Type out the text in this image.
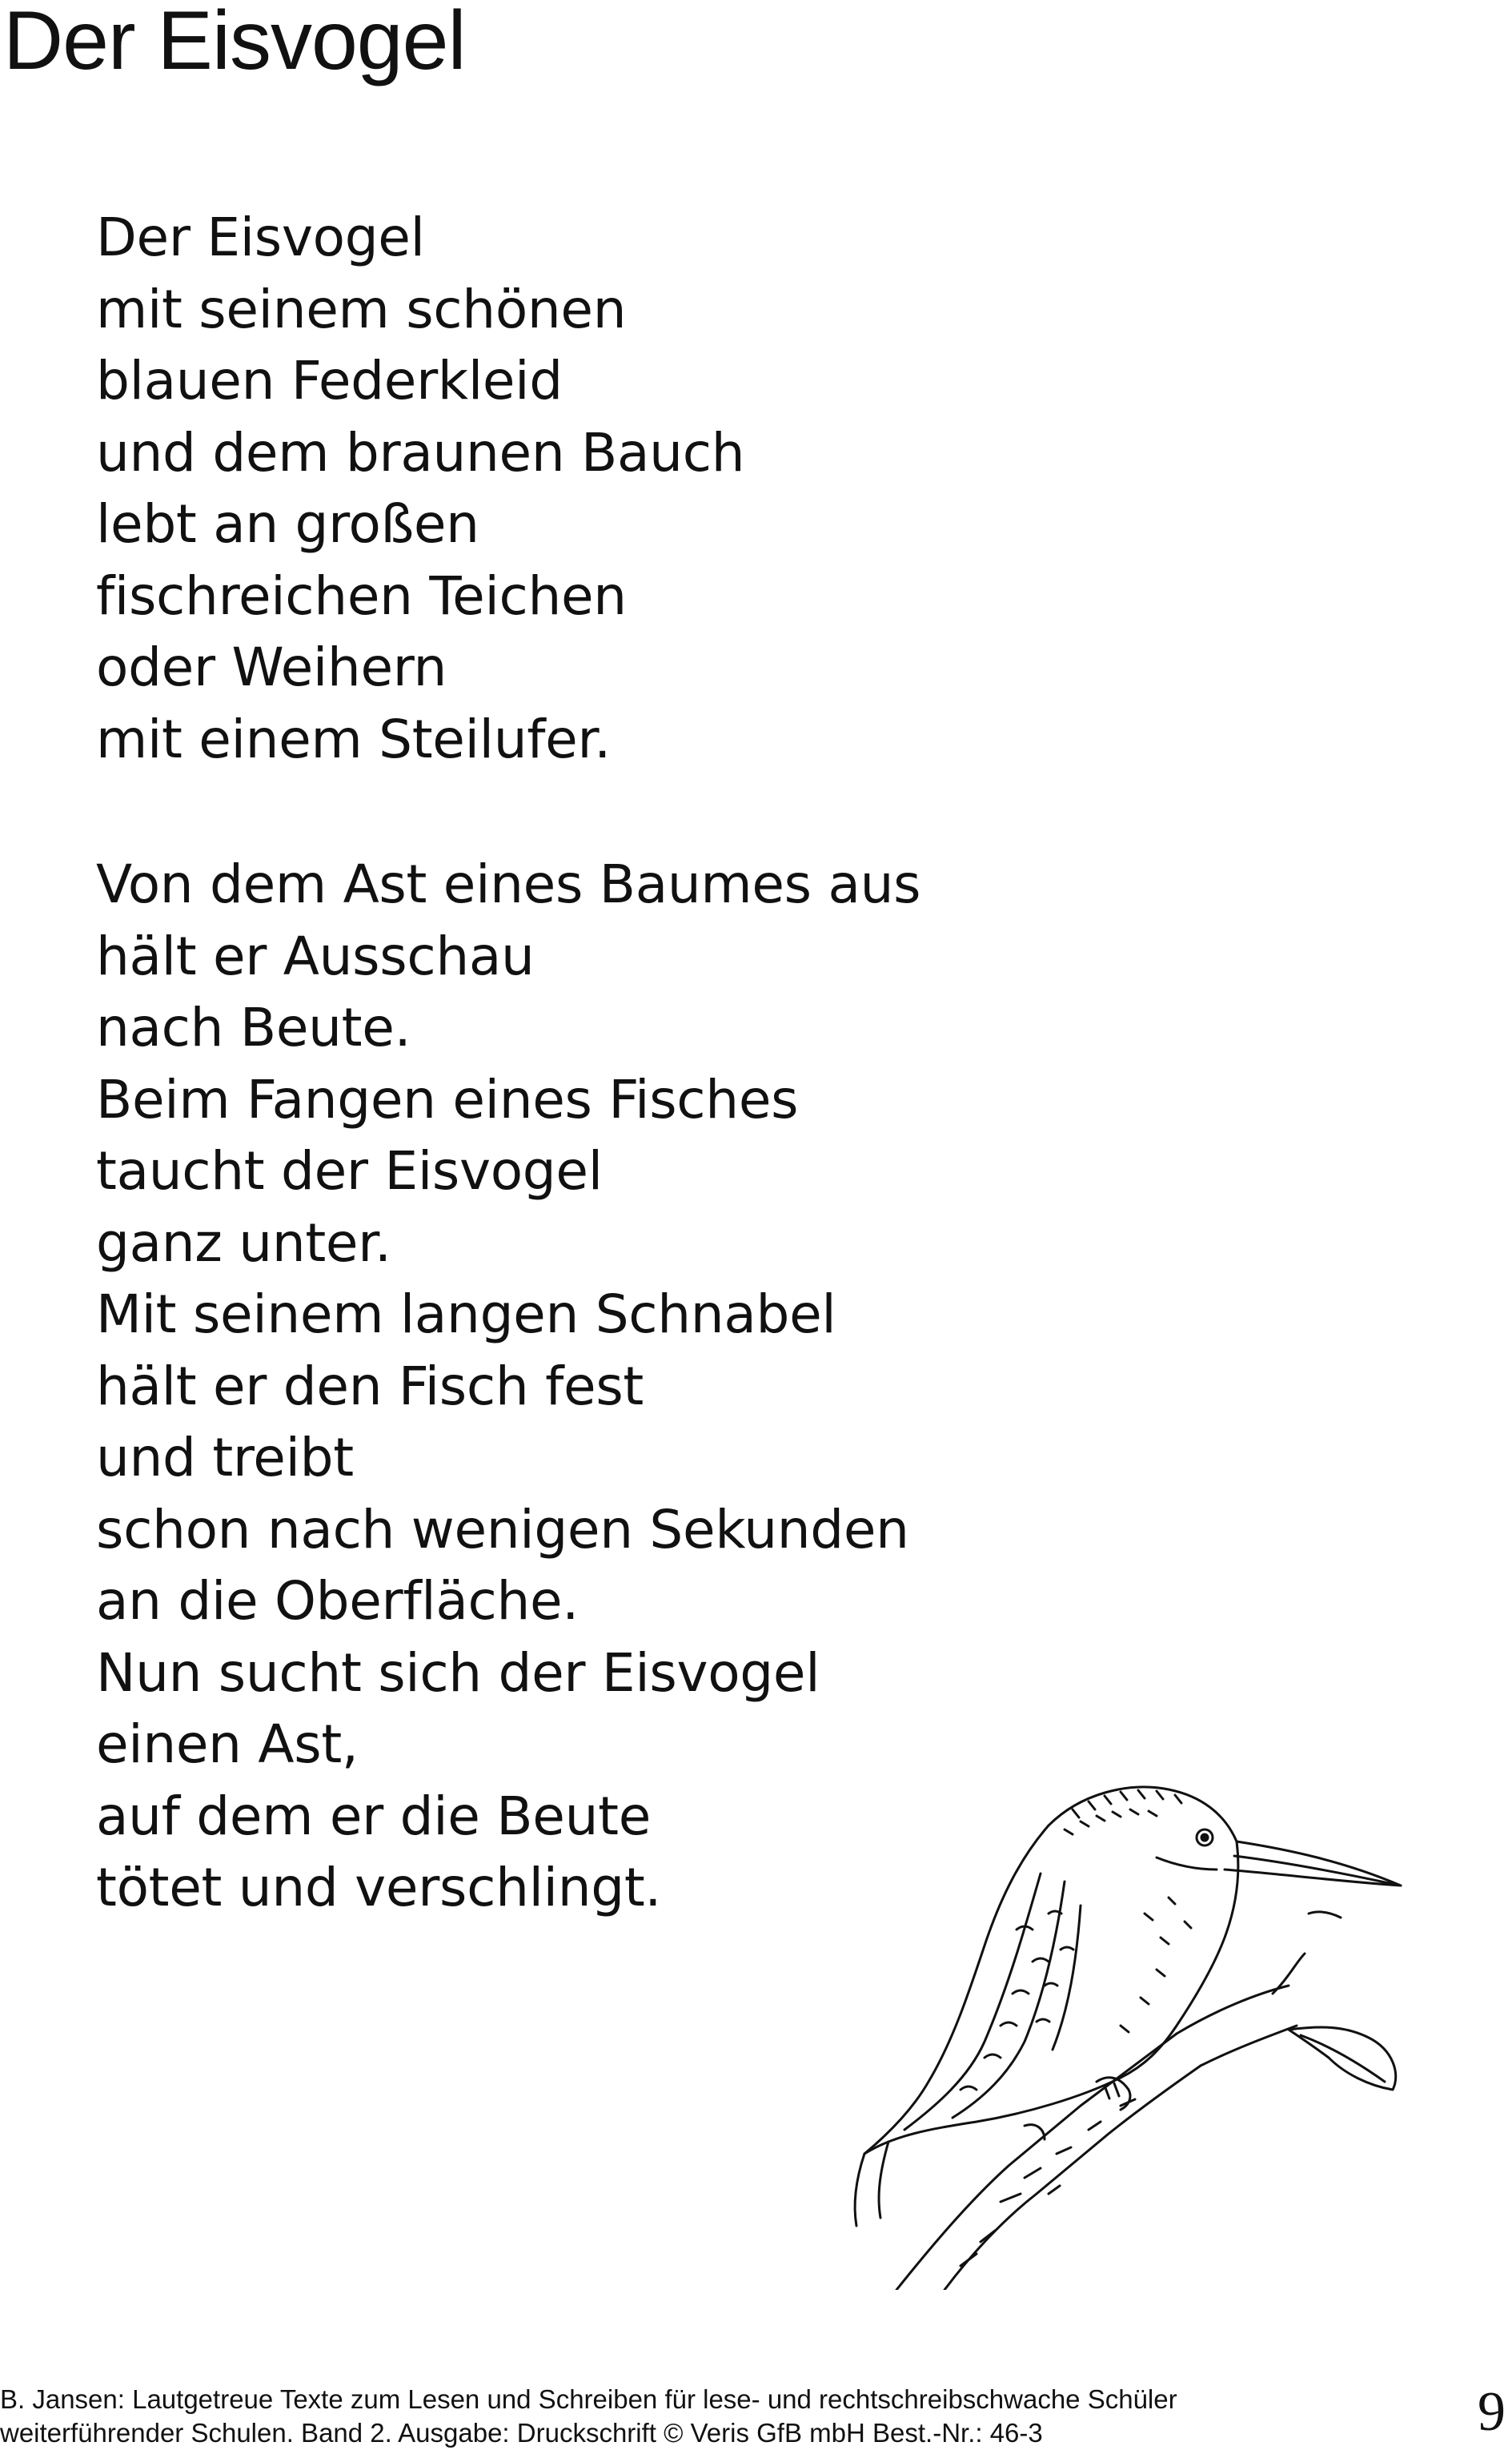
Der Eisvogel
Der Eisvogel
mit seinem schönen
blauen Federkleid
und dem braunen Bauch
lebt an großen
fischreichen Teichen
oder Weihern
mit einem Steilufer.
Von dem Ast eines Baumes aus
hält er Ausschau
nach Beute.
Beim Fangen eines Fisches
taucht der Eisvogel
ganz unter.
Mit seinem langen Schnabel
hält er den Fisch fest
und treibt
schon nach wenigen Sekunden
an die Oberfläche.
Nun sucht sich der Eisvogel
einen Ast,
auf dem er die Beute
tötet und verschlingt.
B. Jansen: Lautgetreue Texte zum Lesen und Schreiben für lese- und rechtschreibschwache Schüler
weiterführender Schulen. Band 2. Ausgabe: Druckschrift © Veris GfB mbH Best.-Nr.: 46-3	9
